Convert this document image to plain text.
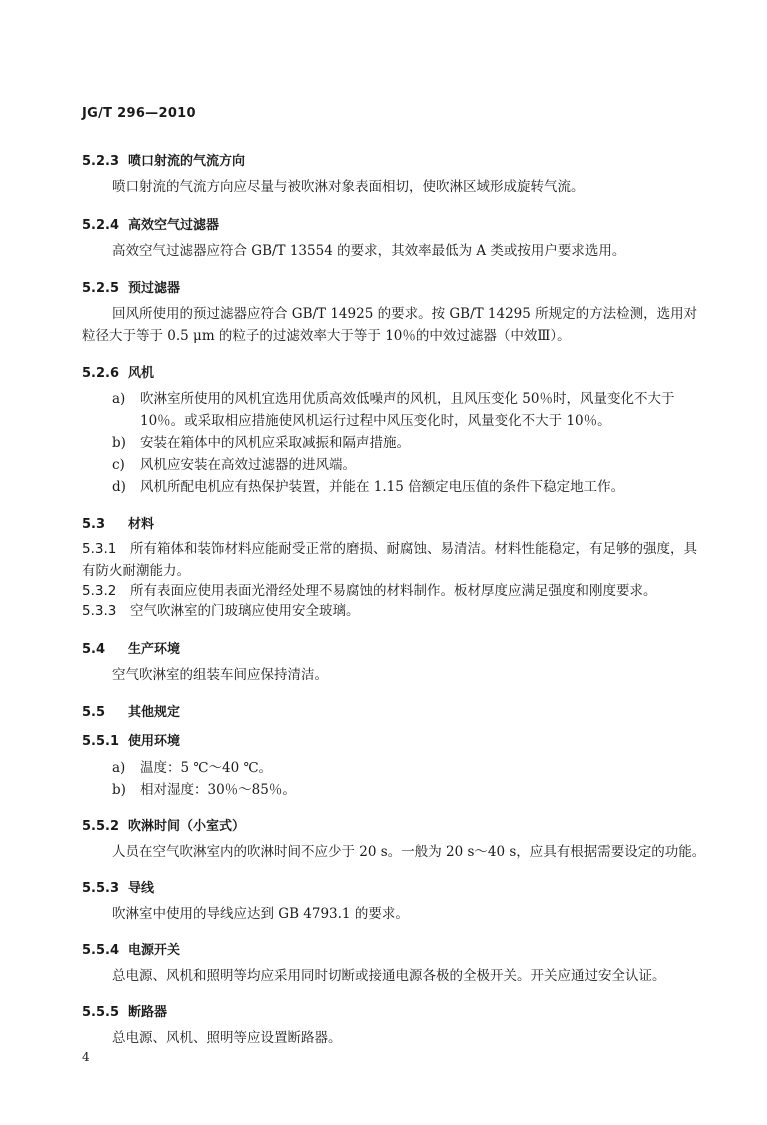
JG/T 296—2010
5.2.3 喷口射流的气流方向
喷口射流的气流方向应尽量与被吹淋对象表面相切，使吹淋区域形成旋转气流。
5.2.4 高效空气过滤器
高效空气过滤器应符合 GB/T 13554 的要求，其效率最低为 A 类或按用户要求选用。
5.2.5 预过滤器
回风所使用的预过滤器应符合 GB/T 14925 的要求。按 GB/T 14295 所规定的方法检测，选用对
粒径大于等于 0.5 μm 的粒子的过滤效率大于等于 10％的中效过滤器（中效Ⅲ）。
5.2.6 风机
a) 吹淋室所使用的风机宜选用优质高效低噪声的风机，且风压变化 50％时，风量变化不大于
10％。或采取相应措施使风机运行过程中风压变化时，风量变化不大于 10％。
b) 安装在箱体中的风机应采取减振和隔声措施。
c) 风机应安装在高效过滤器的进风端。
d) 风机所配电机应有热保护装置，并能在 1.15 倍额定电压值的条件下稳定地工作。
5.3 材料
5.3.1 所有箱体和装饰材料应能耐受正常的磨损、耐腐蚀、易清洁。材料性能稳定，有足够的强度，具
有防火耐潮能力。
5.3.2 所有表面应使用表面光滑经处理不易腐蚀的材料制作。板材厚度应满足强度和刚度要求。
5.3.3 空气吹淋室的门玻璃应使用安全玻璃。
5.4 生产环境
空气吹淋室的组装车间应保持清洁。
5.5 其他规定
5.5.1 使用环境
a) 温度：5 ℃～40 ℃。
b) 相对湿度：30％～85％。
5.5.2 吹淋时间（小室式）
人员在空气吹淋室内的吹淋时间不应少于 20 s。一般为 20 s～40 s，应具有根据需要设定的功能。
5.5.3 导线
吹淋室中使用的导线应达到 GB 4793.1 的要求。
5.5.4 电源开关
总电源、风机和照明等均应采用同时切断或接通电源各极的全极开关。开关应通过安全认证。
5.5.5 断路器
总电源、风机、照明等应设置断路器。
4
